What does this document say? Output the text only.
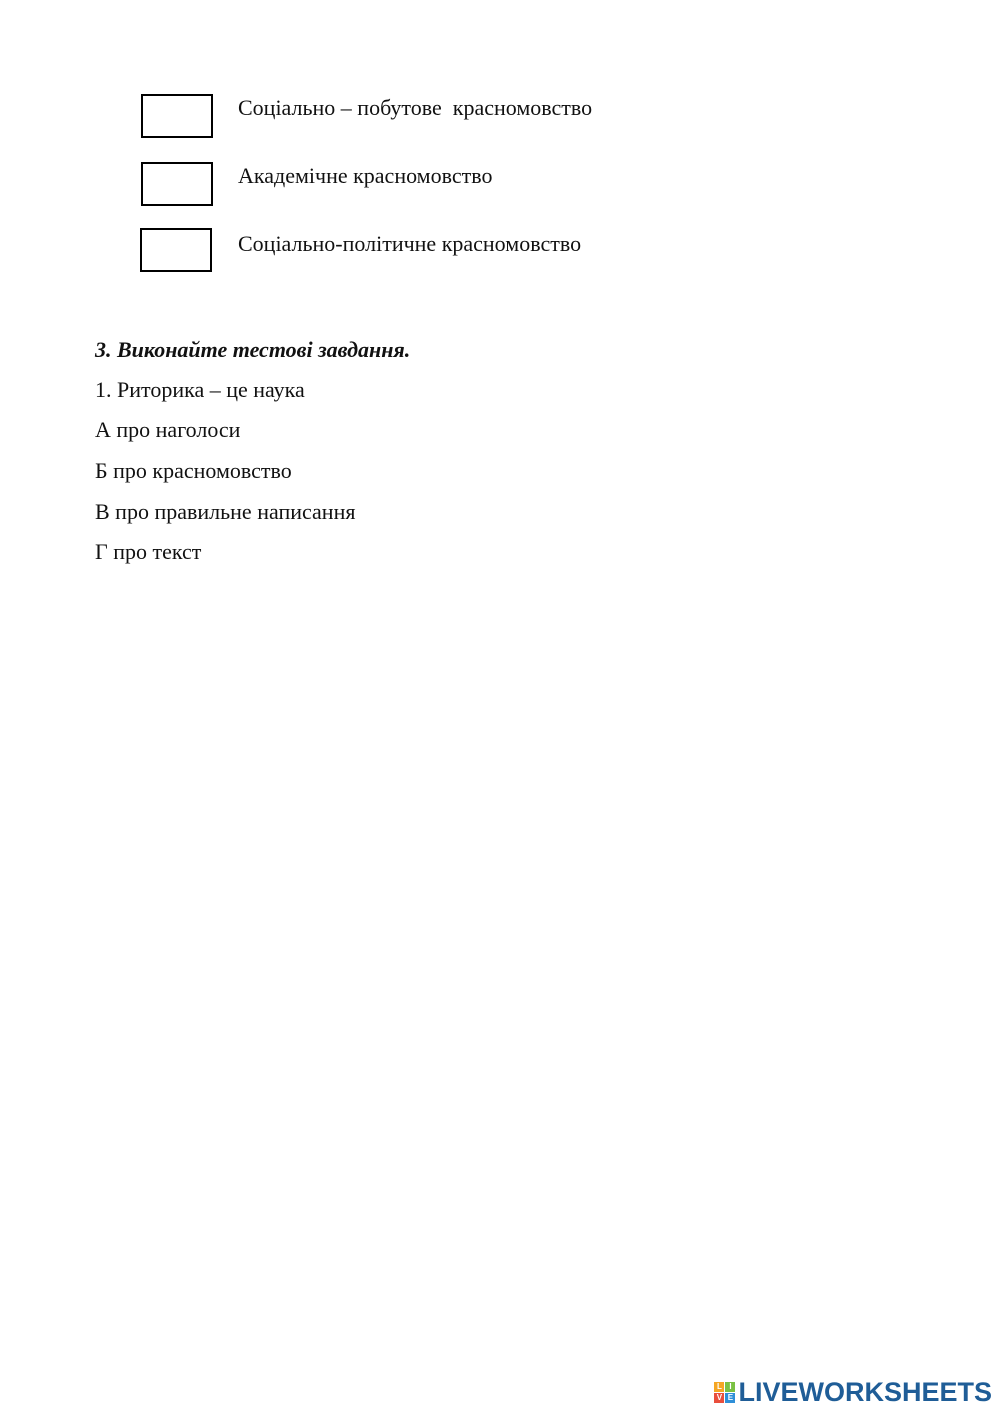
Соціально – побутове  красномовство
Академічне красномовство
Соціально-політичне красномовство
3. Виконайте тестові завдання.
1. Риторика – це наука
А про наголоси
Б про красномовство
В про правильне написання
Г про текст
L I
V E LIVEWORKSHEETS
